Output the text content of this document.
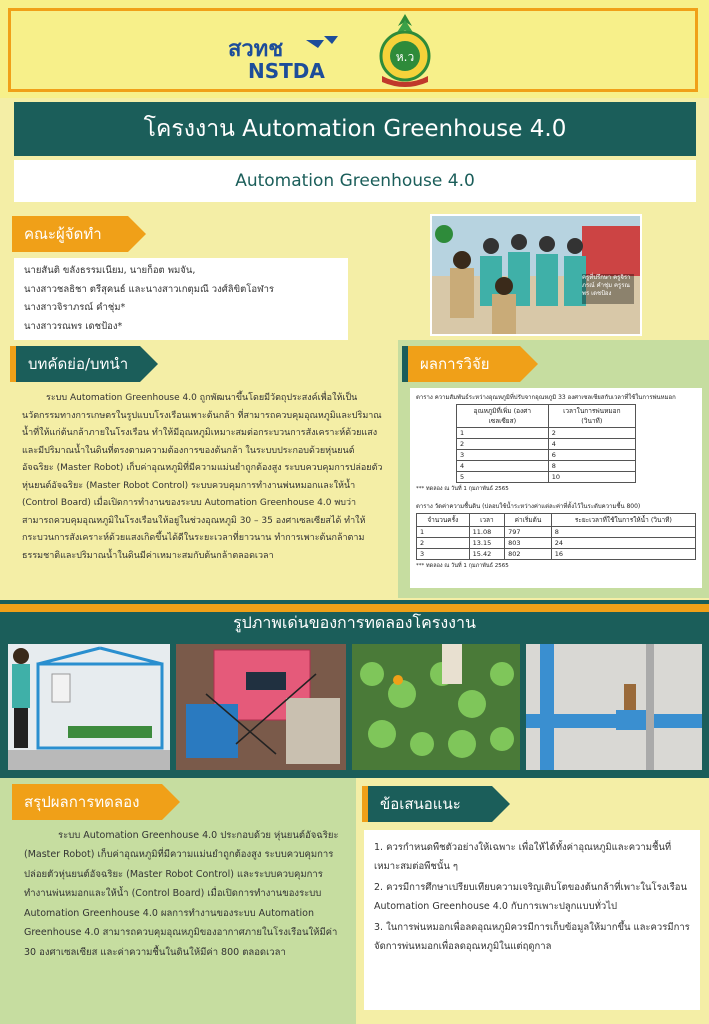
สวทช
NSTDA
ห.ว
โครงงาน Automation Greenhouse 4.0
Automation Greenhouse 4.0
คณะผู้จัดทำ
นายสันติ ขลังธรรมเนียม, นายก็อต พมจัน,
นางสาวชลธิชา ตรีสุคนธ์ และนางสาวเกตุมณี วงศ์ลิขิตโอฬาร
นางสาวจิราภรณ์ คำชุ่ม*
นางสาวรณพร เดชป้อง*
ครูที่ปรึกษา ครูจิราภรณ์ คำชุ่ม ครูรณพร เดชป้อง
บทคัดย่อ/บทนำ
ระบบ Automation Greenhouse 4.0 ถูกพัฒนาขึ้นโดยมีวัตถุประสงค์เพื่อให้เป็นนวัตกรรมทางการเกษตรในรูปแบบโรงเรือนเพาะต้นกล้า ที่สามารถควบคุมอุณหภูมิและปริมาณน้ำที่ให้แก่ต้นกล้าภายในโรงเรือน ทำให้มีอุณหภูมิเหมาะสมต่อกระบวนการสังเคราะห์ด้วยแสงและมีปริมาณน้ำในดินที่ตรงตามความต้องการของต้นกล้า ในระบบประกอบด้วยหุ่นยนต์อัจฉริยะ (Master Robot) เก็บค่าอุณหภูมิที่มีความแม่นยำถูกต้องสูง ระบบควบคุมการปล่อยตัวหุ่นยนต์อัจฉริยะ (Master Robot Control) ระบบควบคุมการทำงานพ่นหมอกและให้น้ำ (Control Board) เมื่อเปิดการทำงานของระบบ Automation Greenhouse 4.0 พบว่าสามารถควบคุมอุณหภูมิในโรงเรือนให้อยู่ในช่วงอุณหภูมิ 30 – 35 องศาเซลเซียสได้ ทำให้กระบวนการสังเคราะห์ด้วยแสงเกิดขึ้นได้ดีในระยะเวลาที่ยาวนาน ทำการเพาะต้นกล้าตามธรรมชาติและปริมาณน้ำในดินมีค่าเหมาะสมกับต้นกล้าตลอดเวลา
ผลการวิจัย
ตาราง ความสัมพันธ์ระหว่างอุณหภูมิที่ปรับจากอุณหภูมิ 33 องศาเซลเซียสกับเวลาที่ใช้ในการพ่นหมอก
อุณหภูมิที่เพิ่ม (องศาเซลเซียส)	เวลาในการพ่นหมอก (วินาที)
1	2
2	4
3	6
4	8
5	10
*** ทดลอง ณ วันที่ 1 กุมภาพันธ์ 2565
ตาราง วัดค่าความชื้นดิน (ปลอบใช้น้ำระหว่างค่าแต่ละค่าที่ตั้งไว้ในระดับความชื้น 800)
จำนวนครั้ง	เวลา	ค่าเริ่มต้น	ระยะเวลาที่ใช้ในการให้น้ำ (วินาที)
1	11.08	797	8
2	13.15	803	24
3	15.42	802	16
*** ทดลอง ณ วันที่ 1 กุมภาพันธ์ 2565
รูปภาพเด่นของการทดลองโครงงาน
สรุปผลการทดลอง
ระบบ Automation Greenhouse 4.0 ประกอบด้วย หุ่นยนต์อัจฉริยะ (Master Robot) เก็บค่าอุณหภูมิที่มีความแม่นยำถูกต้องสูง ระบบควบคุมการปล่อยตัวหุ่นยนต์อัจฉริยะ (Master Robot Control) และระบบควบคุมการทำงานพ่นหมอกและให้น้ำ (Control Board) เมื่อเปิดการทำงานของระบบ Automation Greenhouse 4.0 ผลการทำงานของระบบ Automation Greenhouse 4.0 สามารถควบคุมอุณหภูมิของอากาศภายในโรงเรือนให้มีค่า 30 องศาเซลเซียส และค่าความชื้นในดินให้มีค่า 800 ตลอดเวลา
ข้อเสนอแนะ
1. ควรกำหนดพืชตัวอย่างให้เฉพาะ เพื่อให้ได้ทั้งค่าอุณหภูมิและความชื้นที่เหมาะสมต่อพืชนั้น ๆ
2. ควรมีการศึกษาเปรียบเทียบความเจริญเติบโตของต้นกล้าที่เพาะในโรงเรือน Automation Greenhouse 4.0 กับการเพาะปลูกแบบทั่วไป
3. ในการพ่นหมอกเพื่อลดอุณหภูมิควรมีการเก็บข้อมูลให้มากขึ้น และควรมีการจัดการพ่นหมอกเพื่อลดอุณหภูมิในแต่ฤดูกาล
